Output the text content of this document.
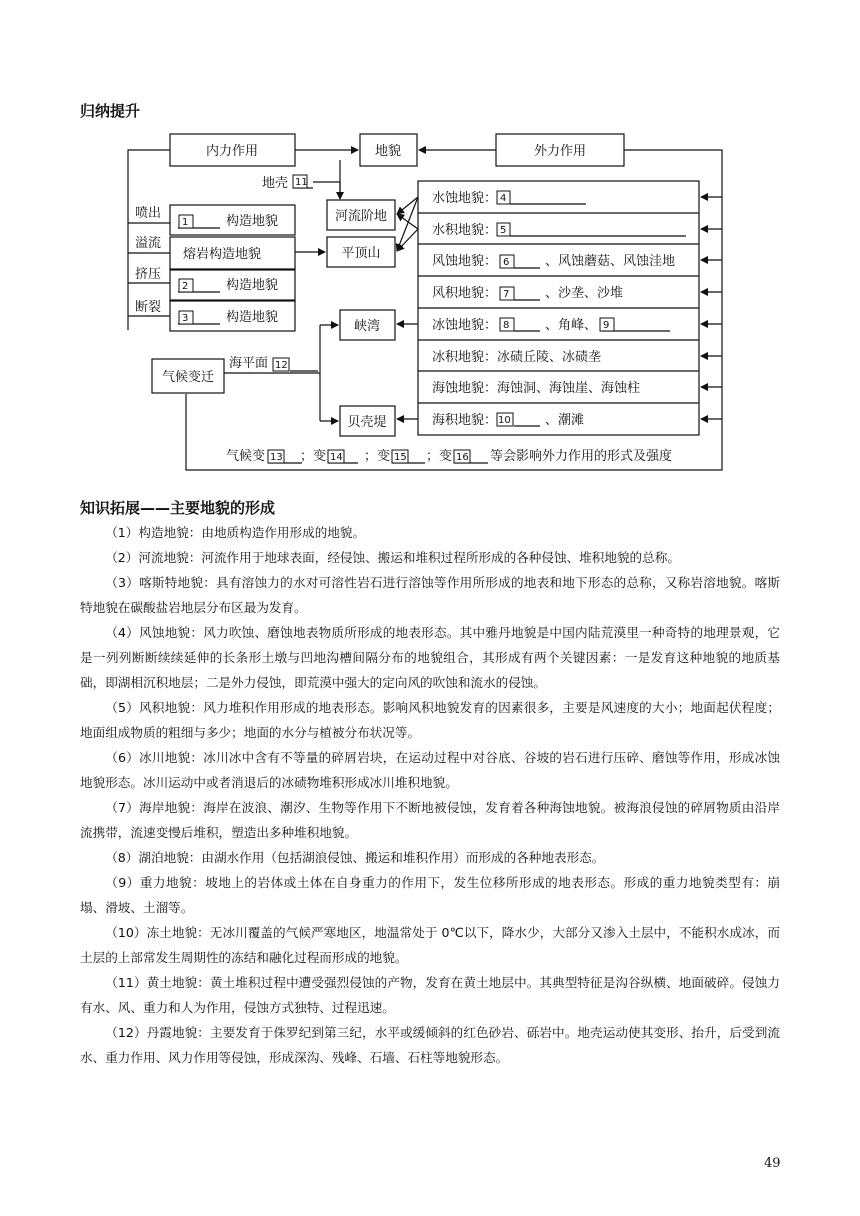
归纳提升
内力作用	地貌	外力作用
地壳 11
河流阶地
平顶山
喷出
溢流
挤压
断裂
1	构造地貌
熔岩构造地貌
2	构造地貌
3	构造地貌
气候变迁
海平面 12
峡湾
贝壳堤
水蚀地貌： 4
水积地貌： 5
风蚀地貌： 6	、风蚀蘑菇、风蚀洼地
风积地貌： 7	、沙垄、沙堆
冰蚀地貌： 8	、角峰、 9
冰积地貌：冰碛丘陵、冰碛垄
海蚀地貌：海蚀洞、海蚀崖、海蚀柱
海积地貌： 10	、潮滩
气候变 13 ；变 14 ；变 15 ；变 16 等会影响外力作用的形式及强度
知识拓展——主要地貌的形成

（1）构造地貌：由地质构造作用形成的地貌。

（2）河流地貌：河流作用于地球表面，经侵蚀、搬运和堆积过程所形成的各种侵蚀、堆积地貌的总称。

（3）喀斯特地貌：具有溶蚀力的水对可溶性岩石进行溶蚀等作用所形成的地表和地下形态的总称，又称岩溶地貌。喀斯特地貌在碳酸盐岩地层分布区最为发育。

（4）风蚀地貌：风力吹蚀、磨蚀地表物质所形成的地表形态。其中雅丹地貌是中国内陆荒漠里一种奇特的地理景观，它是一列列断断续续延伸的长条形土墩与凹地沟槽间隔分布的地貌组合，其形成有两个关键因素：一是发育这种地貌的地质基础，即湖相沉积地层；二是外力侵蚀，即荒漠中强大的定向风的吹蚀和流水的侵蚀。

（5）风积地貌：风力堆积作用形成的地表形态。影响风积地貌发育的因素很多，主要是风速度的大小；地面起伏程度；地面组成物质的粗细与多少；地面的水分与植被分布状况等。

（6）冰川地貌：冰川冰中含有不等量的碎屑岩块，在运动过程中对谷底、谷坡的岩石进行压碎、磨蚀等作用，形成冰蚀地貌形态。冰川运动中或者消退后的冰碛物堆积形成冰川堆积地貌。

（7）海岸地貌：海岸在波浪、潮汐、生物等作用下不断地被侵蚀，发育着各种海蚀地貌。被海浪侵蚀的碎屑物质由沿岸流携带，流速变慢后堆积，塑造出多种堆积地貌。

（8）湖泊地貌：由湖水作用（包括湖浪侵蚀、搬运和堆积作用）而形成的各种地表形态。

（9）重力地貌：坡地上的岩体或土体在自身重力的作用下，发生位移所形成的地表形态。形成的重力地貌类型有：崩塌、滑坡、土溜等。

（10）冻土地貌：无冰川覆盖的气候严寒地区，地温常处于 0℃以下，降水少，大部分又渗入土层中，不能积水成冰，而土层的上部常发生周期性的冻结和融化过程而形成的地貌。

（11）黄土地貌：黄土堆积过程中遭受强烈侵蚀的产物，发育在黄土地层中。其典型特征是沟谷纵横、地面破碎。侵蚀力有水、风、重力和人为作用，侵蚀方式独特、过程迅速。

（12）丹霞地貌：主要发育于侏罗纪到第三纪，水平或缓倾斜的红色砂岩、砾岩中。地壳运动使其变形、抬升，后受到流水、重力作用、风力作用等侵蚀，形成深沟、残峰、石墙、石柱等地貌形态。

49
